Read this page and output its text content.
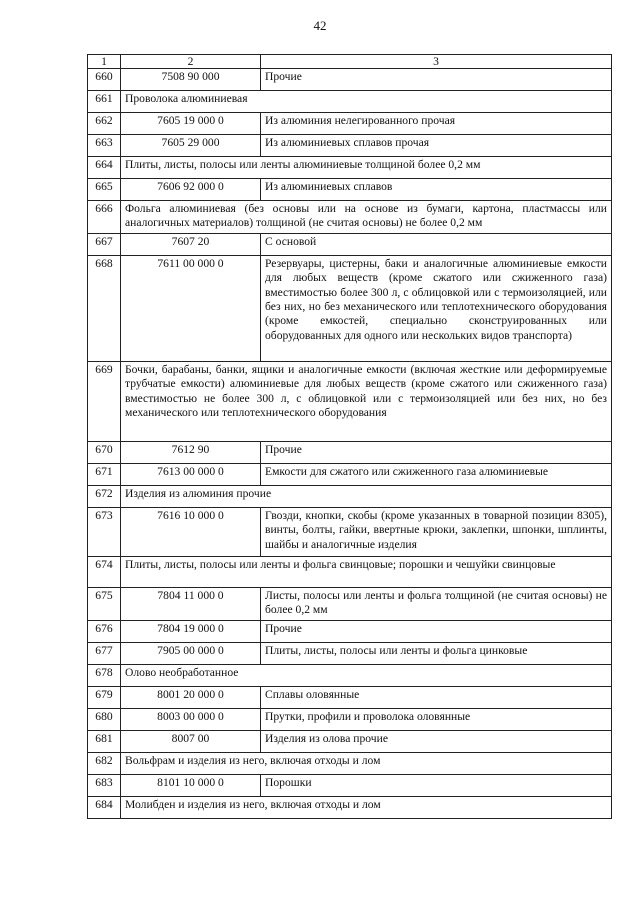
42
1	2	3
660	7508 90 000	Прочие
661	Проволока алюминиевая	
662	7605 19 000 0	Из алюминия нелегированного прочая
663	7605 29 000	Из алюминиевых сплавов прочая
664	Плиты, листы, полосы или ленты алюминиевые толщиной более 0,2 мм	
665	7606 92 000 0	Из алюминиевых сплавов
666	Фольга алюминиевая (без основы или на основе из бумаги, картона, пластмассы или аналогичных материалов) толщиной (не считая основы) не более 0,2 мм	
667	7607 20	С основой
668	7611 00 000 0	Резервуары, цистерны, баки и аналогичные алюминиевые емкости для любых веществ (кроме сжатого или сжиженного газа) вместимостью более 300 л, с облицовкой или с термоизоляцией, или без них, но без механического или теплотехнического оборудования (кроме емкостей, специально сконструированных или оборудованных для одного или нескольких видов транспорта)
669	Бочки, барабаны, банки, ящики и аналогичные емкости (включая жесткие или деформируемые трубчатые емкости) алюминиевые для любых веществ (кроме сжатого или сжиженного газа) вместимостью не более 300 л, с облицовкой или с термоизоляцией или без них, но без механического или теплотехнического оборудования	
670	7612 90	Прочие
671	7613 00 000 0	Емкости для сжатого или сжиженного газа алюминиевые
672	Изделия из алюминия прочие	
673	7616 10 000 0	Гвозди, кнопки, скобы (кроме указанных в товарной позиции 8305), винты, болты, гайки, ввертные крюки, заклепки, шпонки, шплинты, шайбы и аналогичные изделия
674	Плиты, листы, полосы или ленты и фольга свинцовые; порошки и чешуйки свинцовые	
675	7804 11 000 0	Листы, полосы или ленты и фольга толщиной (не считая основы) не более 0,2 мм
676	7804 19 000 0	Прочие
677	7905 00 000 0	Плиты, листы, полосы или ленты и фольга цинковые
678	Олово необработанное	
679	8001 20 000 0	Сплавы оловянные
680	8003 00 000 0	Прутки, профили и проволока оловянные
681	8007 00	Изделия из олова прочие
682	Вольфрам и изделия из него, включая отходы и лом	
683	8101 10 000 0	Порошки
684	Молибден и изделия из него, включая отходы и лом	
